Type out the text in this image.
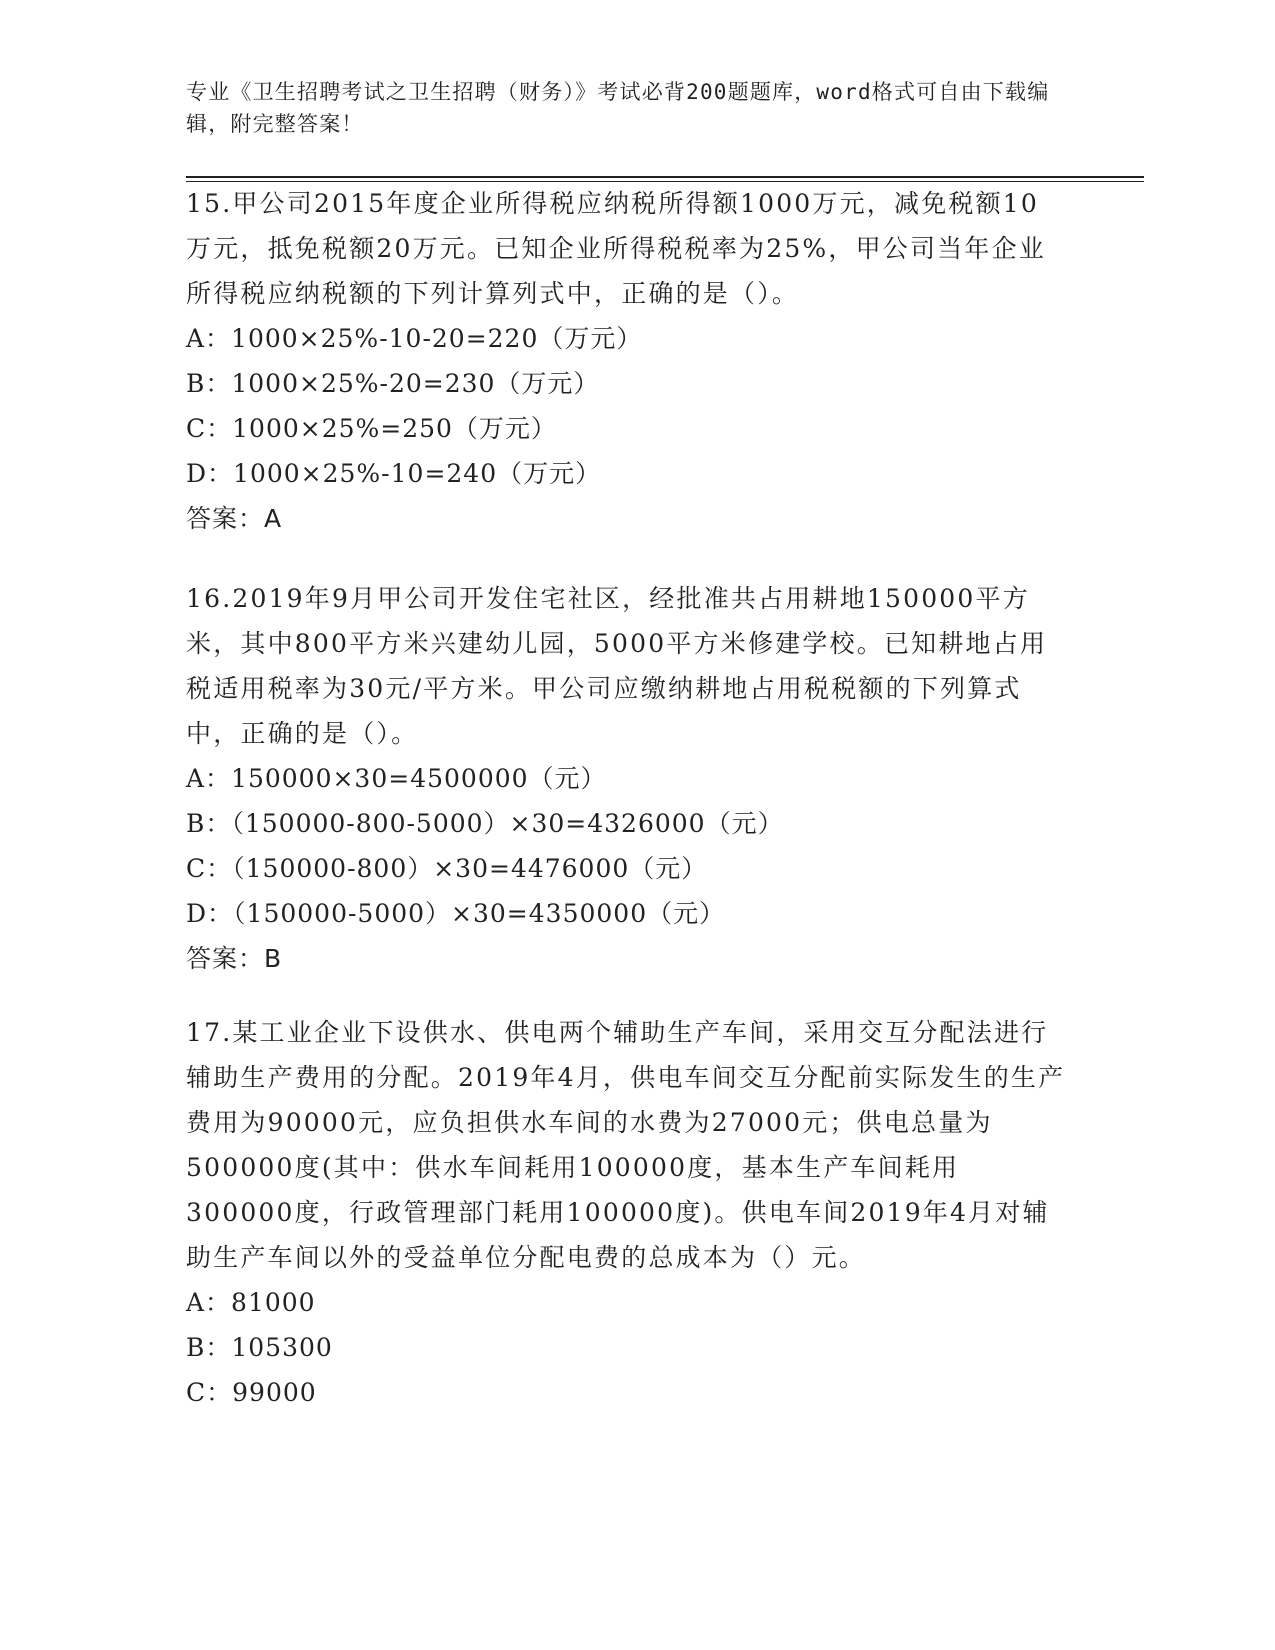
专业《卫生招聘考试之卫生招聘（财务）》考试必背200题题库，word格式可自由下载编辑，附完整答案！

15.甲公司2015年度企业所得税应纳税所得额1000万元，减免税额10万元，抵免税额20万元。已知企业所得税税率为25%，甲公司当年企业所得税应纳税额的下列计算列式中，正确的是（）。

A：1000×25%-10-20=220（万元）

B：1000×25%-20=230（万元）

C：1000×25%=250（万元）

D：1000×25%-10=240（万元）

答案：A

16.2019年9月甲公司开发住宅社区，经批准共占用耕地150000平方米，其中800平方米兴建幼儿园，5000平方米修建学校。已知耕地占用税适用税率为30元/平方米。甲公司应缴纳耕地占用税税额的下列算式中，正确的是（）。

A：150000×30=4500000（元）

B：（150000-800-5000）×30=4326000（元）

C：（150000-800）×30=4476000（元）

D：（150000-5000）×30=4350000（元）

答案：B

17.某工业企业下设供水、供电两个辅助生产车间，采用交互分配法进行辅助生产费用的分配。2019年4月，供电车间交互分配前实际发生的生产费用为90000元，应负担供水车间的水费为27000元；供电总量为500000度(其中：供水车间耗用100000度，基本生产车间耗用300000度，行政管理部门耗用100000度)。供电车间2019年4月对辅助生产车间以外的受益单位分配电费的总成本为（）元。

A：81000

B：105300

C：99000
